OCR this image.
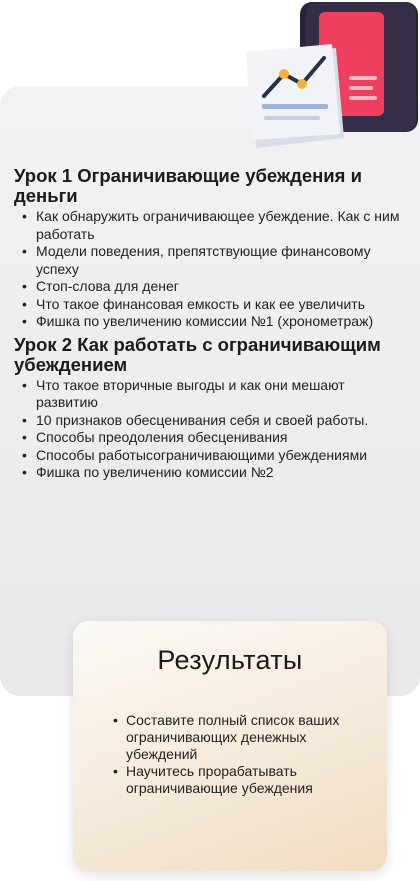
Урок 1 Ограничивающие убеждения и деньги
• Как обнаружить ограничивающее убеждение. Как с ним работать
• Модели поведения, препятствующие финансовому успеху
• Стоп-слова для денег
• Что такое финансовая емкость и как ее увеличить
• Фишка по увеличению комиссии №1 (хронометраж)
Урок 2 Как работать с ограничивающим убеждением
• Что такое вторичные выгоды и как они мешают развитию
• 10 признаков обесценивания себя и своей работы.
• Способы преодоления обесценивания
• Способы работысограничивающими убеждениями
• Фишка по увеличению комиссии №2
Результаты
• Составите полный список ваших ограничивающих денежных убеждений
• Научитесь прорабатывать ограничивающие убеждения
